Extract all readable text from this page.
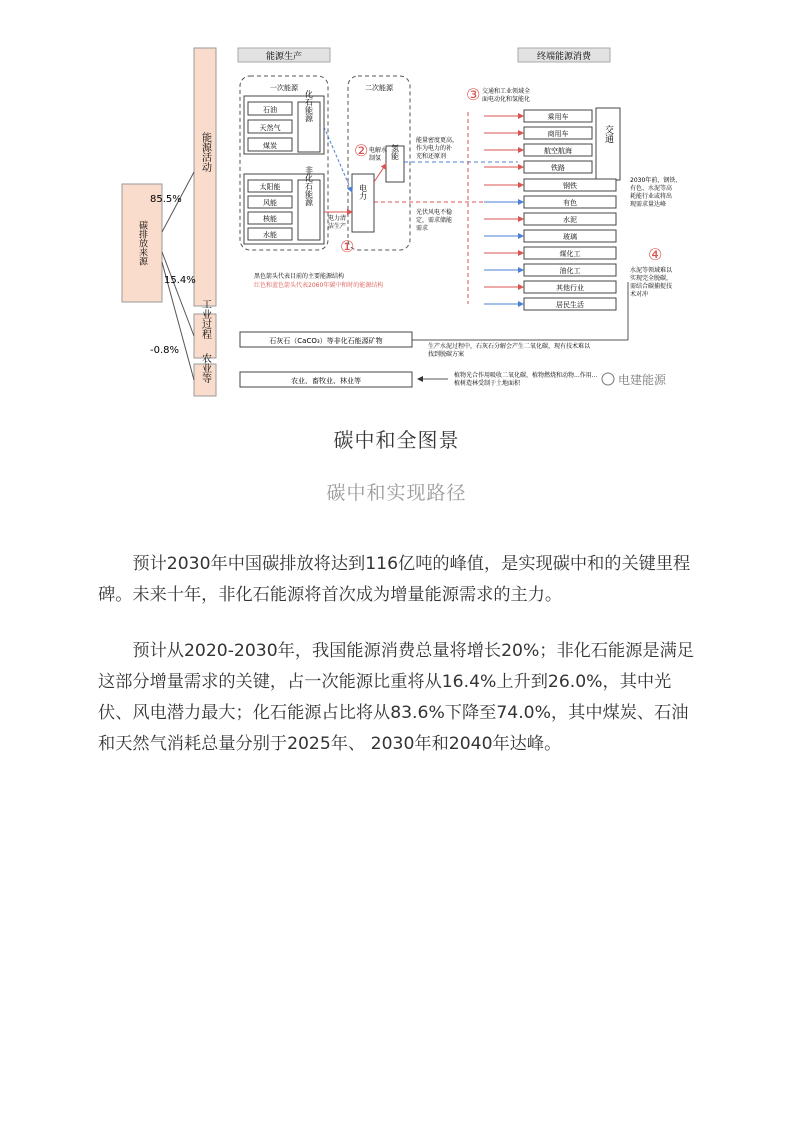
碳排放来源
能源活动
工业过程
农业等
85.5%
15.4%
-0.8%
能源生产	终端能源消费
一次能源
石油
天然气
煤炭
化石能源
太阳能
风能
核能
水能
非化石能源
二次能源
氢能
电力
②
①
电解水
制氢
电力清
洁生产
③ 交通和工业领域全
面电动化和氢能化
能量密度更高，
作为电力的补
充和还原剂
光伏风电不稳
定，需求储能
需求
乘用车
商用车
航空航海
铁路
交通
钢铁
有色
水泥
玻璃
煤化工
油化工
其他行业
居民生活
2030年前，钢铁、
有色、水泥等高
耗能行业或将出
现需求量达峰
④
水泥等领域难以
实现完全脱碳，
需结合碳捕捉技
术对冲
黑色箭头代表目前的主要能源结构
红色和蓝色箭头代表2060年碳中和时的能源结构
石灰石（CaCO₃）等非化石能源矿物
生产水泥过程中，石灰石分解会产生二氧化碳，现有技术难以
找到脱碳方案
农业、畜牧业、林业等
植物光合作用吸收二氧化碳，植物燃烧和动物...作用...
植树造林受制于土地面积	电建能源
碳中和全图景
碳中和实现路径

预计2030年中国碳排放将达到116亿吨的峰值，是实现碳中和的关键里程碑。未来十年，非化石能源将首次成为增量能源需求的主力。

预计从2020-2030年，我国能源消费总量将增长20%；非化石能源是满足这部分增量需求的关键，占一次能源比重将从16.4%上升到26.0%，其中光伏、风电潜力最大；化石能源占比将从83.6%下降至74.0%，其中煤炭、石油和天然气消耗总量分别于2025年、 2030年和2040年达峰。
